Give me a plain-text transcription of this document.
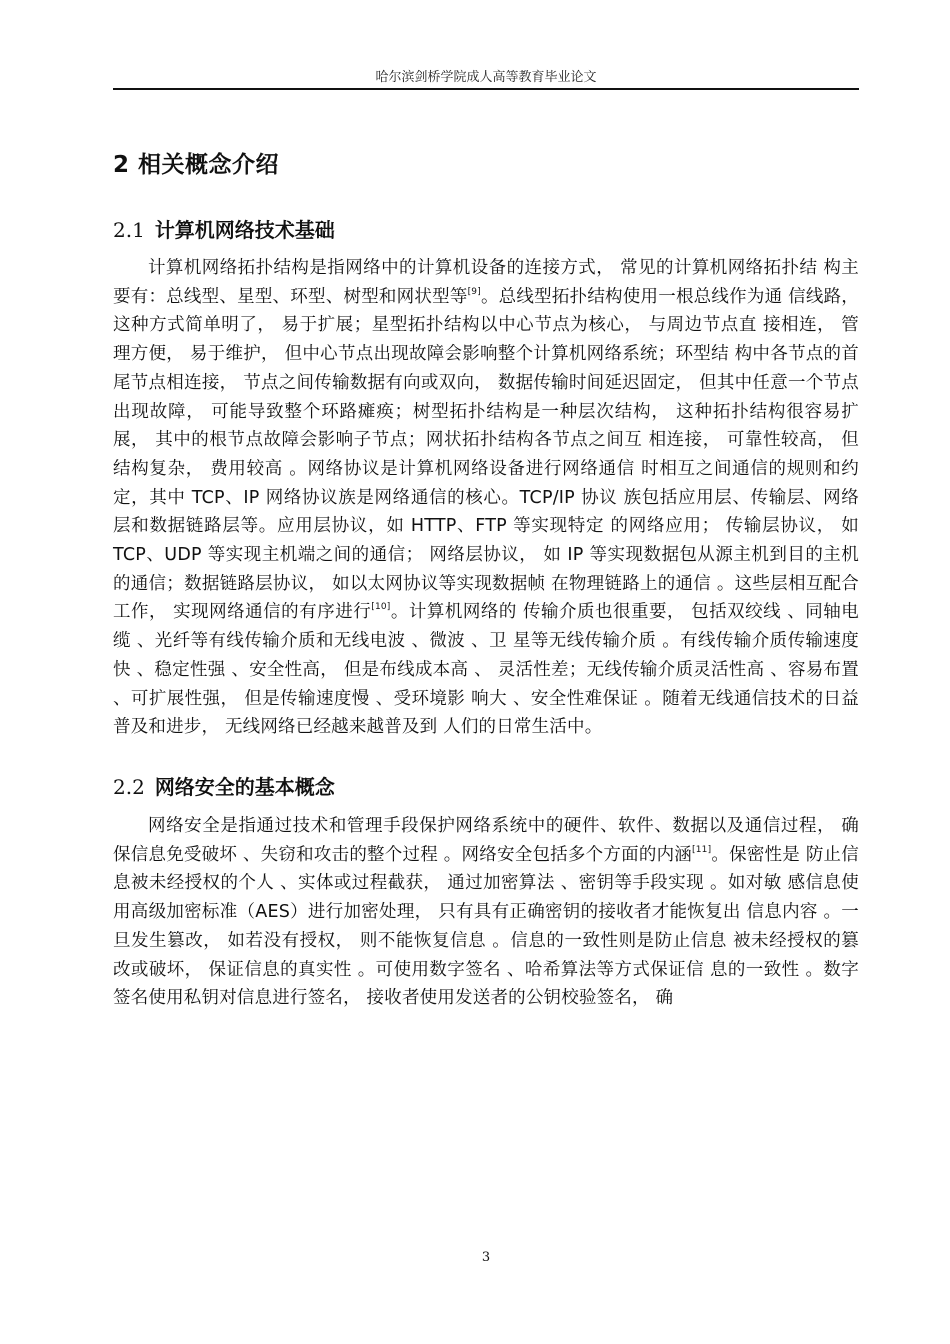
哈尔滨剑桥学院成人高等教育毕业论文
2 相关概念介绍
2.1 计算机网络技术基础

计算机网络拓扑结构是指网络中的计算机设备的连接方式， 常见的计算机网络拓扑结 构主要有：总线型、星型、环型、树型和网状型等[9]。总线型拓扑结构使用一根总线作为通 信线路， 这种方式简单明了， 易于扩展；星型拓扑结构以中心节点为核心， 与周边节点直 接相连， 管理方便， 易于维护， 但中心节点出现故障会影响整个计算机网络系统；环型结 构中各节点的首尾节点相连接， 节点之间传输数据有向或双向， 数据传输时间延迟固定， 但其中任意一个节点出现故障， 可能导致整个环路瘫痪；树型拓扑结构是一种层次结构， 这种拓扑结构很容易扩展， 其中的根节点故障会影响子节点；网状拓扑结构各节点之间互 相连接， 可靠性较高， 但结构复杂， 费用较高 。网络协议是计算机网络设备进行网络通信 时相互之间通信的规则和约定，其中 TCP、IP 网络协议族是网络通信的核心。TCP/IP 协议 族包括应用层、传输层、网络层和数据链路层等。应用层协议，如 HTTP、FTP 等实现特定 的网络应用； 传输层协议， 如 TCP、UDP 等实现主机端之间的通信； 网络层协议， 如 IP 等实现数据包从源主机到目的主机的通信；数据链路层协议， 如以太网协议等实现数据帧 在物理链路上的通信 。这些层相互配合工作， 实现网络通信的有序进行[10]。计算机网络的 传输介质也很重要， 包括双绞线 、同轴电缆 、光纤等有线传输介质和无线电波 、微波 、卫 星等无线传输介质 。有线传输介质传输速度快 、稳定性强 、安全性高， 但是布线成本高 、 灵活性差；无线传输介质灵活性高 、容易布置 、可扩展性强， 但是传输速度慢 、受环境影 响大 、安全性难保证 。随着无线通信技术的日益普及和进步， 无线网络已经越来越普及到 人们的日常生活中。

2.2 网络安全的基本概念

网络安全是指通过技术和管理手段保护网络系统中的硬件、软件、数据以及通信过程， 确保信息免受破坏 、失窃和攻击的整个过程 。网络安全包括多个方面的内涵[11]。保密性是 防止信息被未经授权的个人 、实体或过程截获， 通过加密算法 、密钥等手段实现 。如对敏 感信息使用高级加密标准（AES）进行加密处理， 只有具有正确密钥的接收者才能恢复出 信息内容 。一旦发生篡改， 如若没有授权， 则不能恢复信息 。信息的一致性则是防止信息 被未经授权的篡改或破坏， 保证信息的真实性 。可使用数字签名 、哈希算法等方式保证信 息的一致性 。数字签名使用私钥对信息进行签名， 接收者使用发送者的公钥校验签名， 确

3
